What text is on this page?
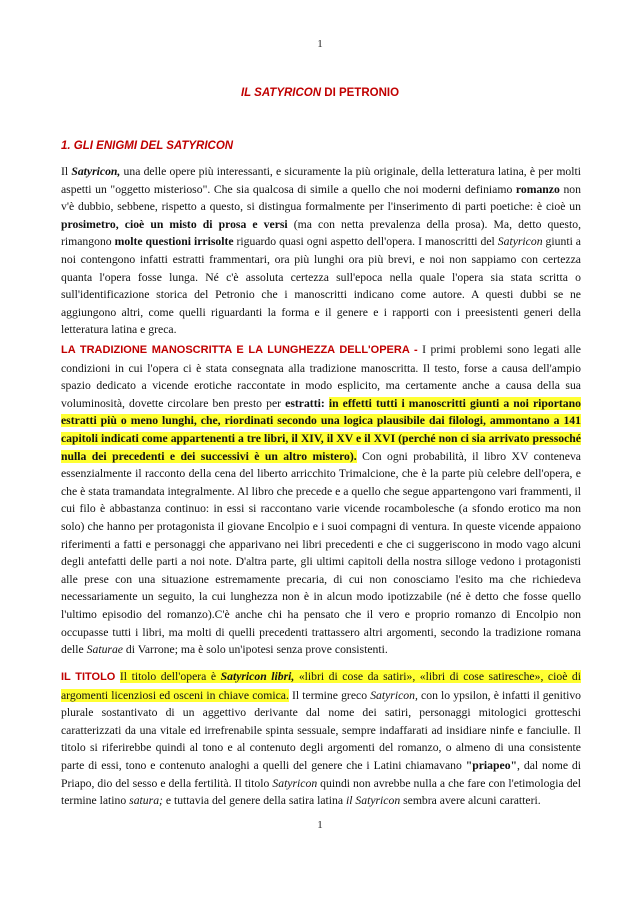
1
IL SATYRICON DI PETRONIO
1. GLI ENIGMI DEL SATYRICON
Il Satyricon, una delle opere più interessanti, e sicuramente la più originale, della letteratura latina, è per molti aspetti un "oggetto misterioso". Che sia qualcosa di simile a quello che noi moderni definiamo romanzo non v'è dubbio, sebbene, rispetto a questo, si distingua formalmente per l'inserimento di parti poetiche: è cioè un prosimetro, cioè un misto di prosa e versi (ma con netta prevalenza della prosa). Ma, detto questo, rimangono molte questioni irrisolte riguardo quasi ogni aspetto dell'opera. I manoscritti del Satyricon giunti a noi contengono infatti estratti frammentari, ora più lunghi ora più brevi, e noi non sappiamo con certezza quanta l'opera fosse lunga. Né c'è assoluta certezza sull'epoca nella quale l'opera sia stata scritta o sull'identificazione storica del Petronio che i manoscritti indicano come autore. A questi dubbi se ne aggiungono altri, come quelli riguardanti la forma e il genere e i rapporti con i preesistenti generi della letteratura latina e greca.
LA TRADIZIONE MANOSCRITTA E LA LUNGHEZZA DELL'OPERA - I primi problemi sono legati alle condizioni in cui l'opera ci è stata consegnata alla tradizione manoscritta. Il testo, forse a causa dell'ampio spazio dedicato a vicende erotiche raccontate in modo esplicito, ma certamente anche a causa della sua voluminosità, dovette circolare ben presto per estratti: in effetti tutti i manoscritti giunti a noi riportano estratti più o meno lunghi, che, riordinati secondo una logica plausibile dai filologi, ammontano a 141 capitoli indicati come appartenenti a tre libri, il XIV, il XV e il XVI (perché non ci sia arrivato pressoché nulla dei precedenti e dei successivi è un altro mistero). Con ogni probabilità, il libro XV conteneva essenzialmente il racconto della cena del liberto arricchito Trimalcione, che è la parte più celebre dell'opera, e che è stata tramandata integralmente. Al libro che precede e a quello che segue appartengono vari frammenti, il cui filo è abbastanza continuo: in essi si raccontano varie vicende rocambolesche (a sfondo erotico ma non solo) che hanno per protagonista il giovane Encolpio e i suoi compagni di ventura. In queste vicende appaiono riferimenti a fatti e personaggi che apparivano nei libri precedenti e che ci suggeriscono in modo vago alcuni degli antefatti delle parti a noi note. D'altra parte, gli ultimi capitoli della nostra silloge vedono i protagonisti alle prese con una situazione estremamente precaria, di cui non conosciamo l'esito ma che richiedeva necessariamente un seguito, la cui lunghezza non è in alcun modo ipotizzabile (né è detto che fosse quello l'ultimo episodio del romanzo).C'è anche chi ha pensato che il vero e proprio romanzo di Encolpio non occupasse tutti i libri, ma molti di quelli precedenti trattassero altri argomenti, secondo la tradizione romana delle Saturae di Varrone; ma è solo un'ipotesi senza prove consistenti.
IL TITOLO Il titolo dell'opera è Satyricon libri, «libri di cose da satiri», «libri di cose satiresche», cioè di argomenti licenziosi ed osceni in chiave comica. Il termine greco Satyricon, con lo ypsilon, è infatti il genitivo plurale sostantivato di un aggettivo derivante dal nome dei satiri, personaggi mitologici grotteschi caratterizzati da una vitale ed irrefrenabile spinta sessuale, sempre indaffarati ad insidiare ninfe e fanciulle. Il titolo si riferirebbe quindi al tono e al contenuto degli argomenti del romanzo, o almeno di una consistente parte di essi, tono e contenuto analoghi a quelli del genere che i Latini chiamavano "priapeo", dal nome di Priapo, dio del sesso e della fertilità. Il titolo Satyricon quindi non avrebbe nulla a che fare con l'etimologia del termine latino satura; e tuttavia del genere della satira latina il Satyricon sembra avere alcuni caratteri.
1
